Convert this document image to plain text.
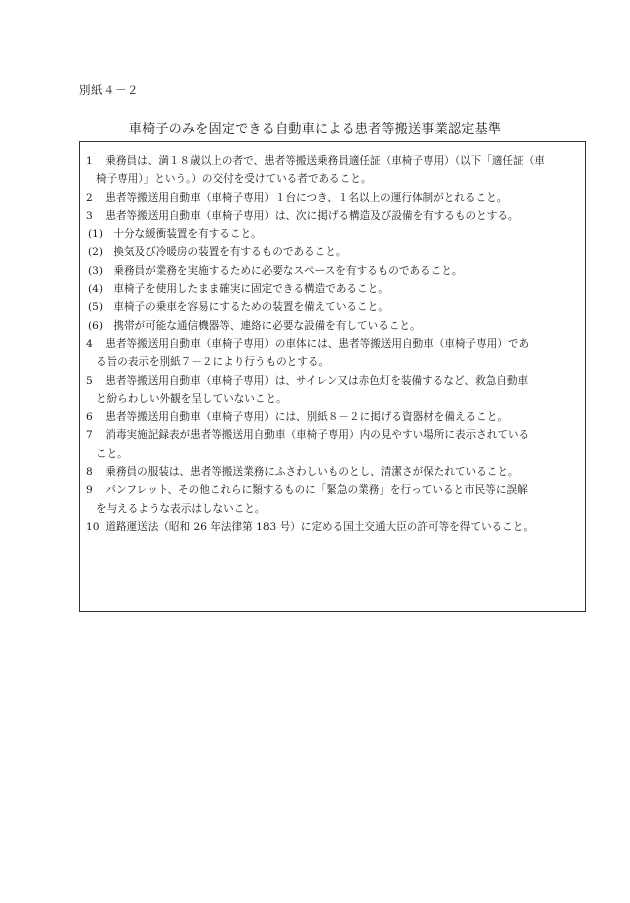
別紙４－２
車椅子のみを固定できる自動車による患者等搬送事業認定基準
1 乗務員は、満１８歳以上の者で、患者等搬送乗務員適任証（車椅子専用）（以下「適任証（車
椅子専用）」という。）の交付を受けている者であること。
2 患者等搬送用自動車（車椅子専用）１台につき、１名以上の運行体制がとれること。
3 患者等搬送用自動車（車椅子専用）は、次に掲げる構造及び設備を有するものとする。
(1) 十分な緩衝装置を有すること。
(2) 換気及び冷暖房の装置を有するものであること。
(3) 乗務員が業務を実施するために必要なスペースを有するものであること。
(4) 車椅子を使用したまま確実に固定できる構造であること。
(5) 車椅子の乗車を容易にするための装置を備えていること。
(6) 携帯が可能な通信機器等、連絡に必要な設備を有していること。
4 患者等搬送用自動車（車椅子専用）の車体には、患者等搬送用自動車（車椅子専用）であ
る旨の表示を別紙７－２により行うものとする。
5 患者等搬送用自動車（車椅子専用）は、サイレン又は赤色灯を装備するなど、救急自動車
と紛らわしい外観を呈していないこと。
6 患者等搬送用自動車（車椅子専用）には、別紙８－２に掲げる資器材を備えること。
7 消毒実施記録表が患者等搬送用自動車（車椅子専用）内の見やすい場所に表示されている
こと。
8 乗務員の服装は、患者等搬送業務にふさわしいものとし、清潔さが保たれていること。
9 パンフレット、その他これらに類するものに「緊急の業務」を行っていると市民等に誤解
を与えるような表示はしないこと。
10 道路運送法（昭和 26 年法律第 183 号）に定める国土交通大臣の許可等を得ていること。
